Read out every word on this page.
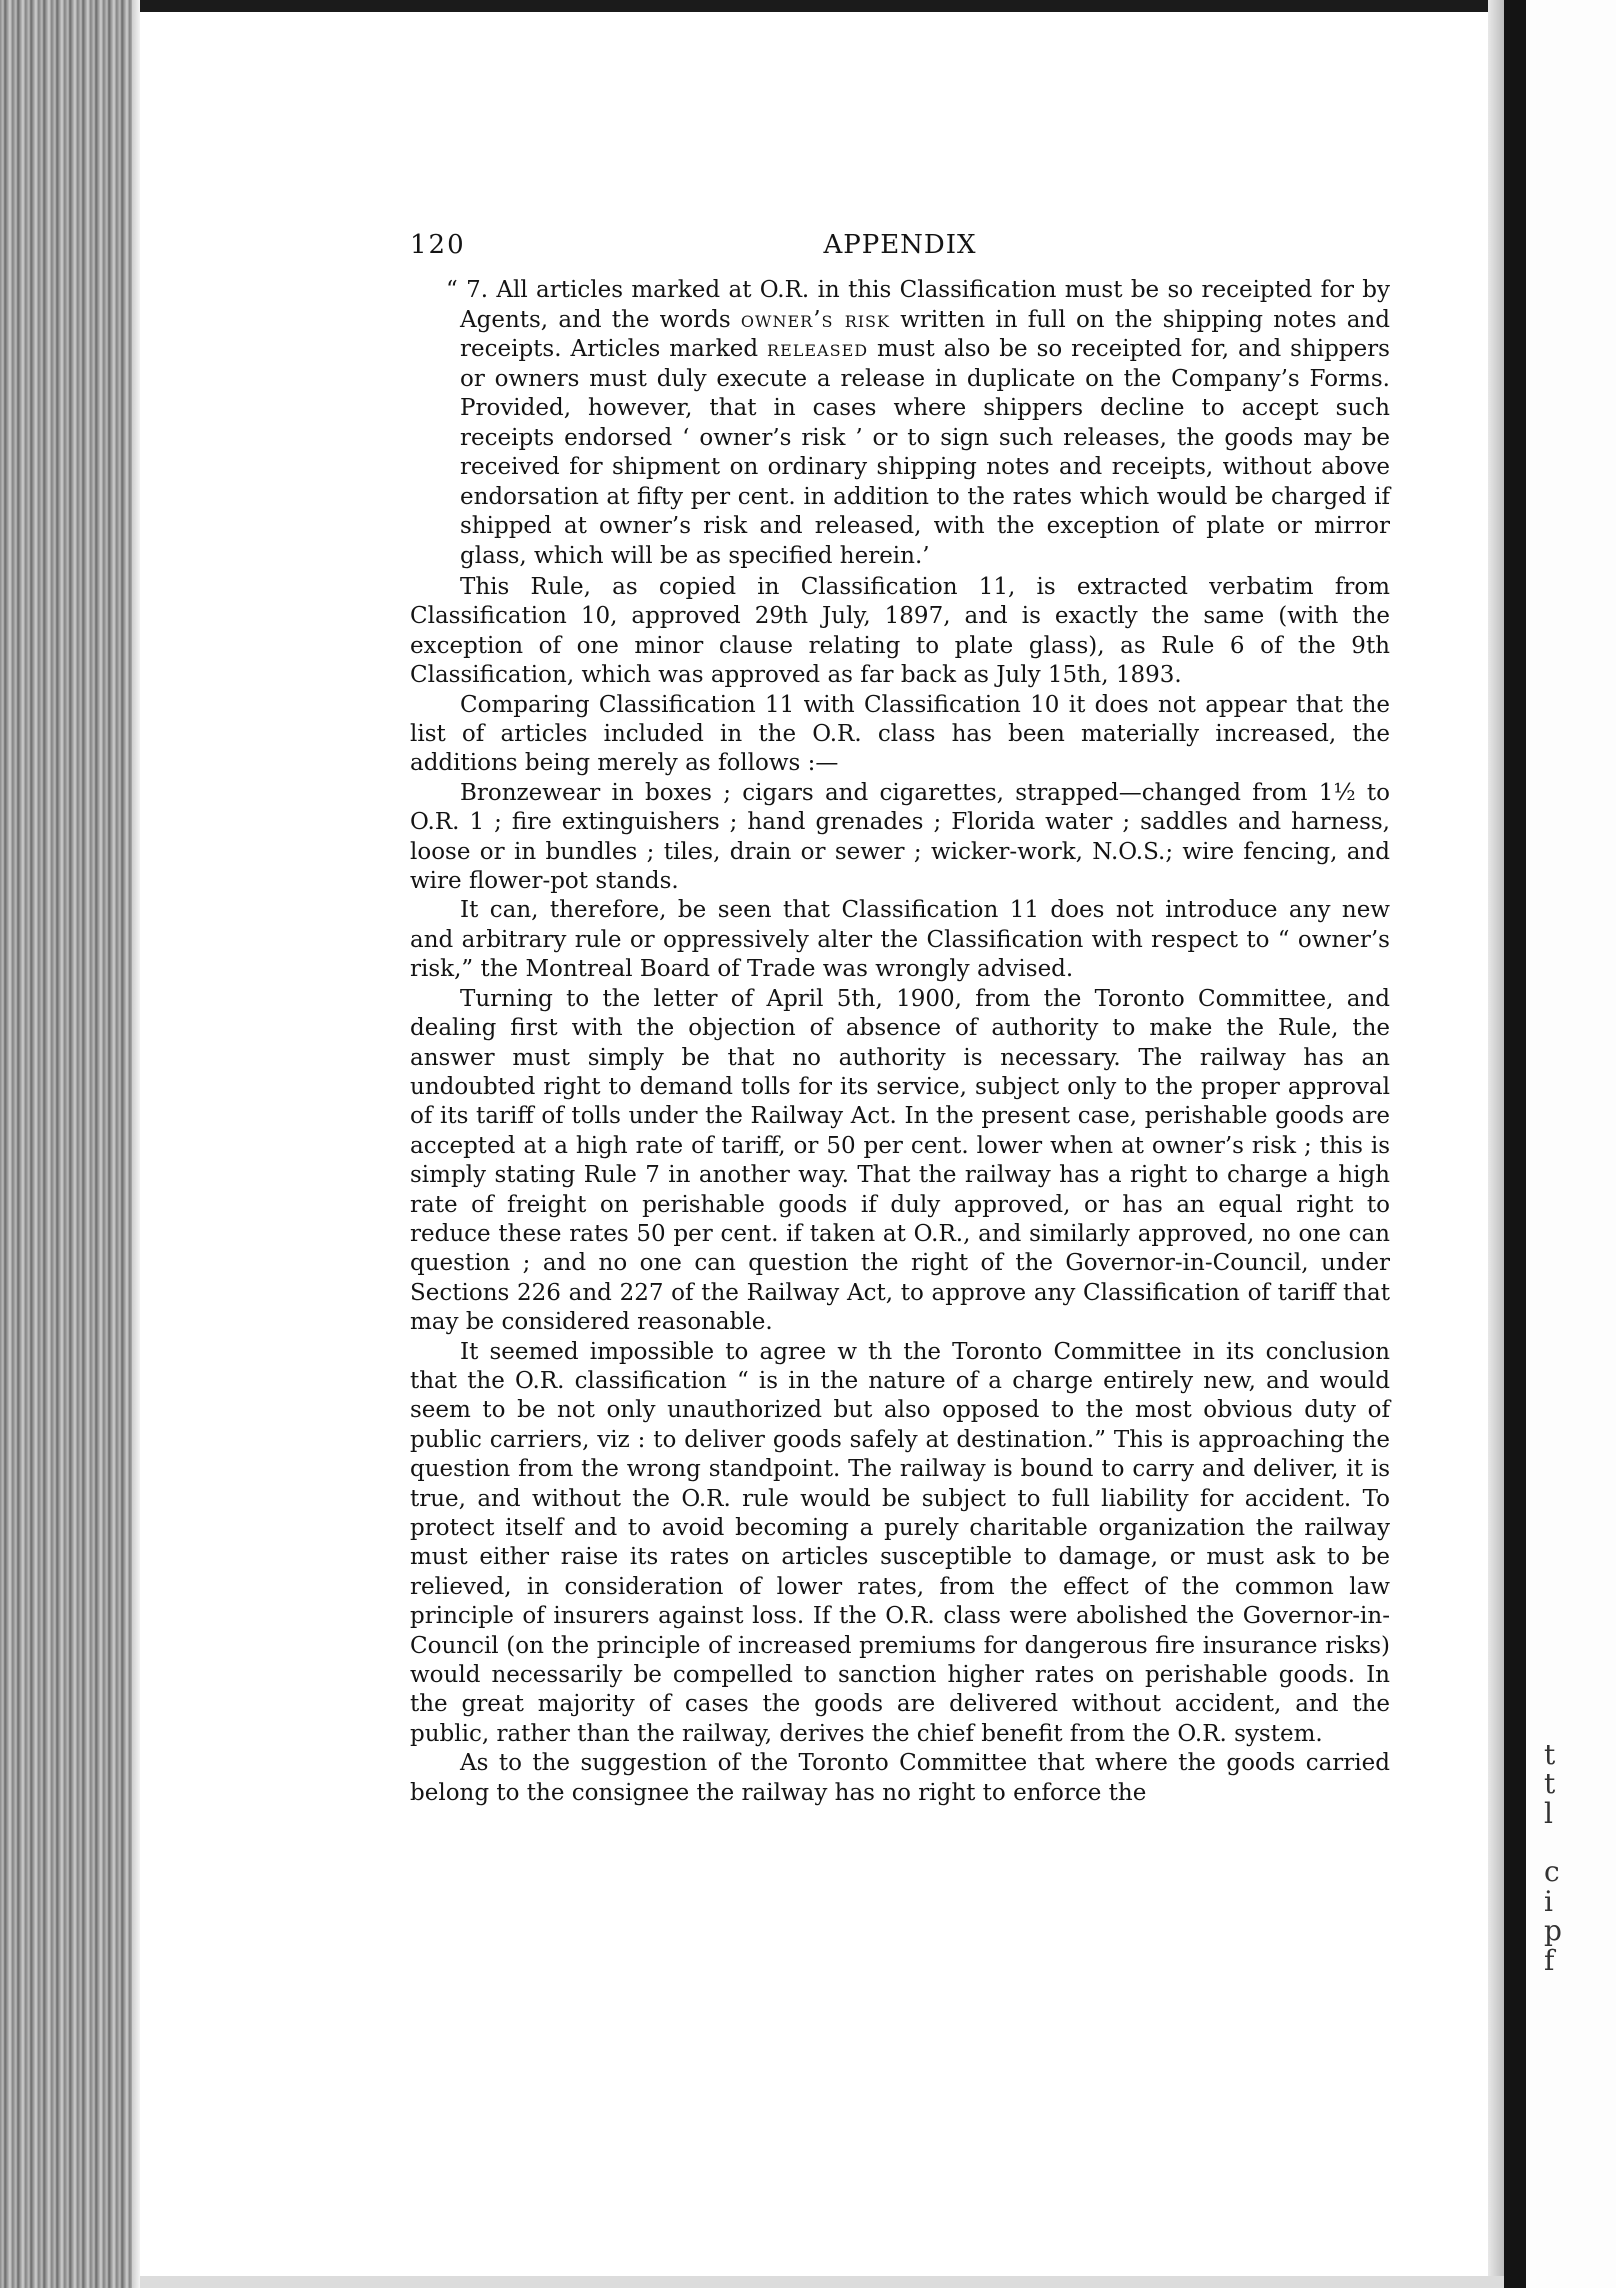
t
t
l
c
i
p
f
120	APPENDIX

“ 7. All articles marked at O.R. in this Classification must be so receipted for by Agents, and the words owner’s risk written in full on the shipping notes and receipts. Articles marked released must also be so receipted for, and shippers or owners must duly execute a release in duplicate on the Company’s Forms. Provided, however, that in cases where shippers decline to accept such receipts endorsed ‘ owner’s risk ’ or to sign such releases, the goods may be received for shipment on ordinary shipping notes and receipts, without above endorsation at fifty per cent. in addition to the rates which would be charged if shipped at owner’s risk and released, with the exception of plate or mirror glass, which will be as specified herein.’

This Rule, as copied in Classification 11, is extracted verbatim from Classification 10, approved 29th July, 1897, and is exactly the same (with the exception of one minor clause relating to plate glass), as Rule 6 of the 9th Classification, which was approved as far back as July 15th, 1893.

Comparing Classification 11 with Classification 10 it does not appear that the list of articles included in the O.R. class has been materially increased, the additions being merely as follows :—

Bronzewear in boxes ; cigars and cigarettes, strapped—changed from 1½ to O.R. 1 ; fire extinguishers ; hand grenades ; Florida water ; saddles and harness, loose or in bundles ; tiles, drain or sewer ; wicker-work, N.O.S.; wire fencing, and wire flower-pot stands.

It can, therefore, be seen that Classification 11 does not introduce any new and arbitrary rule or oppressively alter the Classification with respect to “ owner’s risk,” the Montreal Board of Trade was wrongly advised.

Turning to the letter of April 5th, 1900, from the Toronto Committee, and dealing first with the objection of absence of authority to make the Rule, the answer must simply be that no authority is necessary. The railway has an undoubted right to demand tolls for its service, subject only to the proper approval of its tariff of tolls under the Railway Act. In the present case, perishable goods are accepted at a high rate of tariff, or 50 per cent. lower when at owner’s risk ; this is simply stating Rule 7 in another way. That the railway has a right to charge a high rate of freight on perishable goods if duly approved, or has an equal right to reduce these rates 50 per cent. if taken at O.R., and similarly approved, no one can question ; and no one can question the right of the Governor-in-Council, under Sections 226 and 227 of the Railway Act, to approve any Classification of tariff that may be considered reasonable.

It seemed impossible to agree w th the Toronto Committee in its conclusion that the O.R. classification “ is in the nature of a charge entirely new, and would seem to be not only unauthorized but also opposed to the most obvious duty of public carriers, viz : to deliver goods safely at destination.” This is approaching the question from the wrong standpoint. The railway is bound to carry and deliver, it is true, and without the O.R. rule would be subject to full liability for accident. To protect itself and to avoid becoming a purely charitable organization the railway must either raise its rates on articles susceptible to damage, or must ask to be relieved, in consideration of lower rates, from the effect of the common law principle of insurers against loss. If the O.R. class were abolished the Governor-in-Council (on the principle of increased premiums for dangerous fire insurance risks) would necessarily be compelled to sanction higher rates on perishable goods. In the great majority of cases the goods are delivered without accident, and the public, rather than the railway, derives the chief benefit from the O.R. system.

As to the suggestion of the Toronto Committee that where the goods carried belong to the consignee the railway has no right to enforce the
